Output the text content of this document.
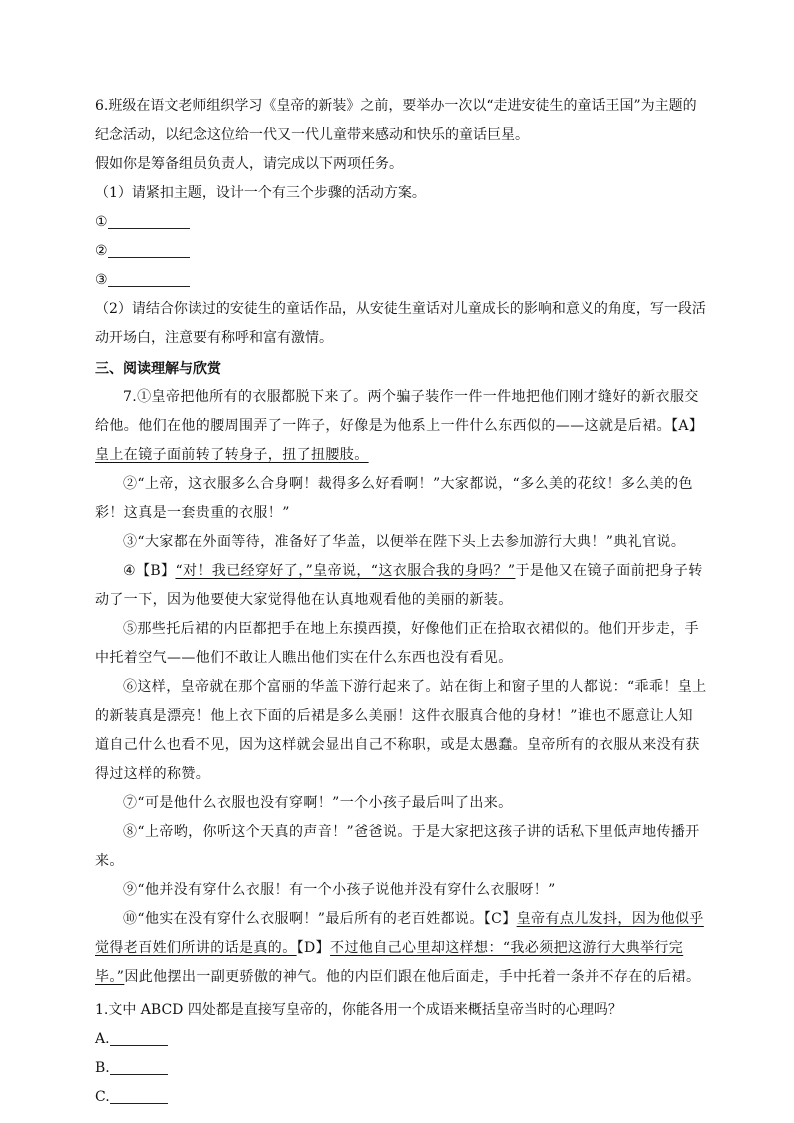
6.班级在语文老师组织学习《皇帝的新装》之前，要举办一次以“走进安徒生的童话王国”为主题的纪念活动，以纪念这位给一代又一代儿童带来感动和快乐的童话巨星。
假如你是筹备组员负责人，请完成以下两项任务。
（1）请紧扣主题，设计一个有三个步骤的活动方案。
①
②
③
（2）请结合你读过的安徒生的童话作品，从安徒生童话对儿童成长的影响和意义的角度，写一段活动开场白，注意要有称呼和富有激情。
三、阅读理解与欣赏
7.①皇帝把他所有的衣服都脱下来了。两个骗子装作一件一件地把他们刚才缝好的新衣服交给他。他们在他的腰周围弄了一阵子，好像是为他系上一件什么东西似的——这就是后裙。【A】皇上在镜子面前转了转身子，扭了扭腰肢。
②“上帝，这衣服多么合身啊！裁得多么好看啊！”大家都说，“多么美的花纹！多么美的色彩！这真是一套贵重的衣服！”
③“大家都在外面等待，准备好了华盖，以便举在陛下头上去参加游行大典！”典礼官说。
④【B】“对！我已经穿好了，”皇帝说，“这衣服合我的身吗？”于是他又在镜子面前把身子转动了一下，因为他要使大家觉得他在认真地观看他的美丽的新装。
⑤那些托后裙的内臣都把手在地上东摸西摸，好像他们正在拾取衣裙似的。他们开步走，手中托着空气——他们不敢让人瞧出他们实在什么东西也没有看见。
⑥这样，皇帝就在那个富丽的华盖下游行起来了。站在街上和窗子里的人都说：“乖乖！皇上的新装真是漂亮！他上衣下面的后裙是多么美丽！这件衣服真合他的身材！”谁也不愿意让人知道自己什么也看不见，因为这样就会显出自己不称职，或是太愚蠢。皇帝所有的衣服从来没有获得过这样的称赞。
⑦“可是他什么衣服也没有穿啊！”一个小孩子最后叫了出来。
⑧“上帝哟，你听这个天真的声音！”爸爸说。于是大家把这孩子讲的话私下里低声地传播开来。
⑨“他并没有穿什么衣服！有一个小孩子说他并没有穿什么衣服呀！”
⑩“他实在没有穿什么衣服啊！”最后所有的老百姓都说。【C】皇帝有点儿发抖，因为他似乎觉得老百姓们所讲的话是真的。【D】不过他自己心里却这样想：“我必须把这游行大典举行完毕。”因此他摆出一副更骄傲的神气。他的内臣们跟在他后面走，手中托着一条并不存在的后裙。
1.文中 ABCD 四处都是直接写皇帝的，你能各用一个成语来概括皇帝当时的心理吗？
A.
B.
C.
